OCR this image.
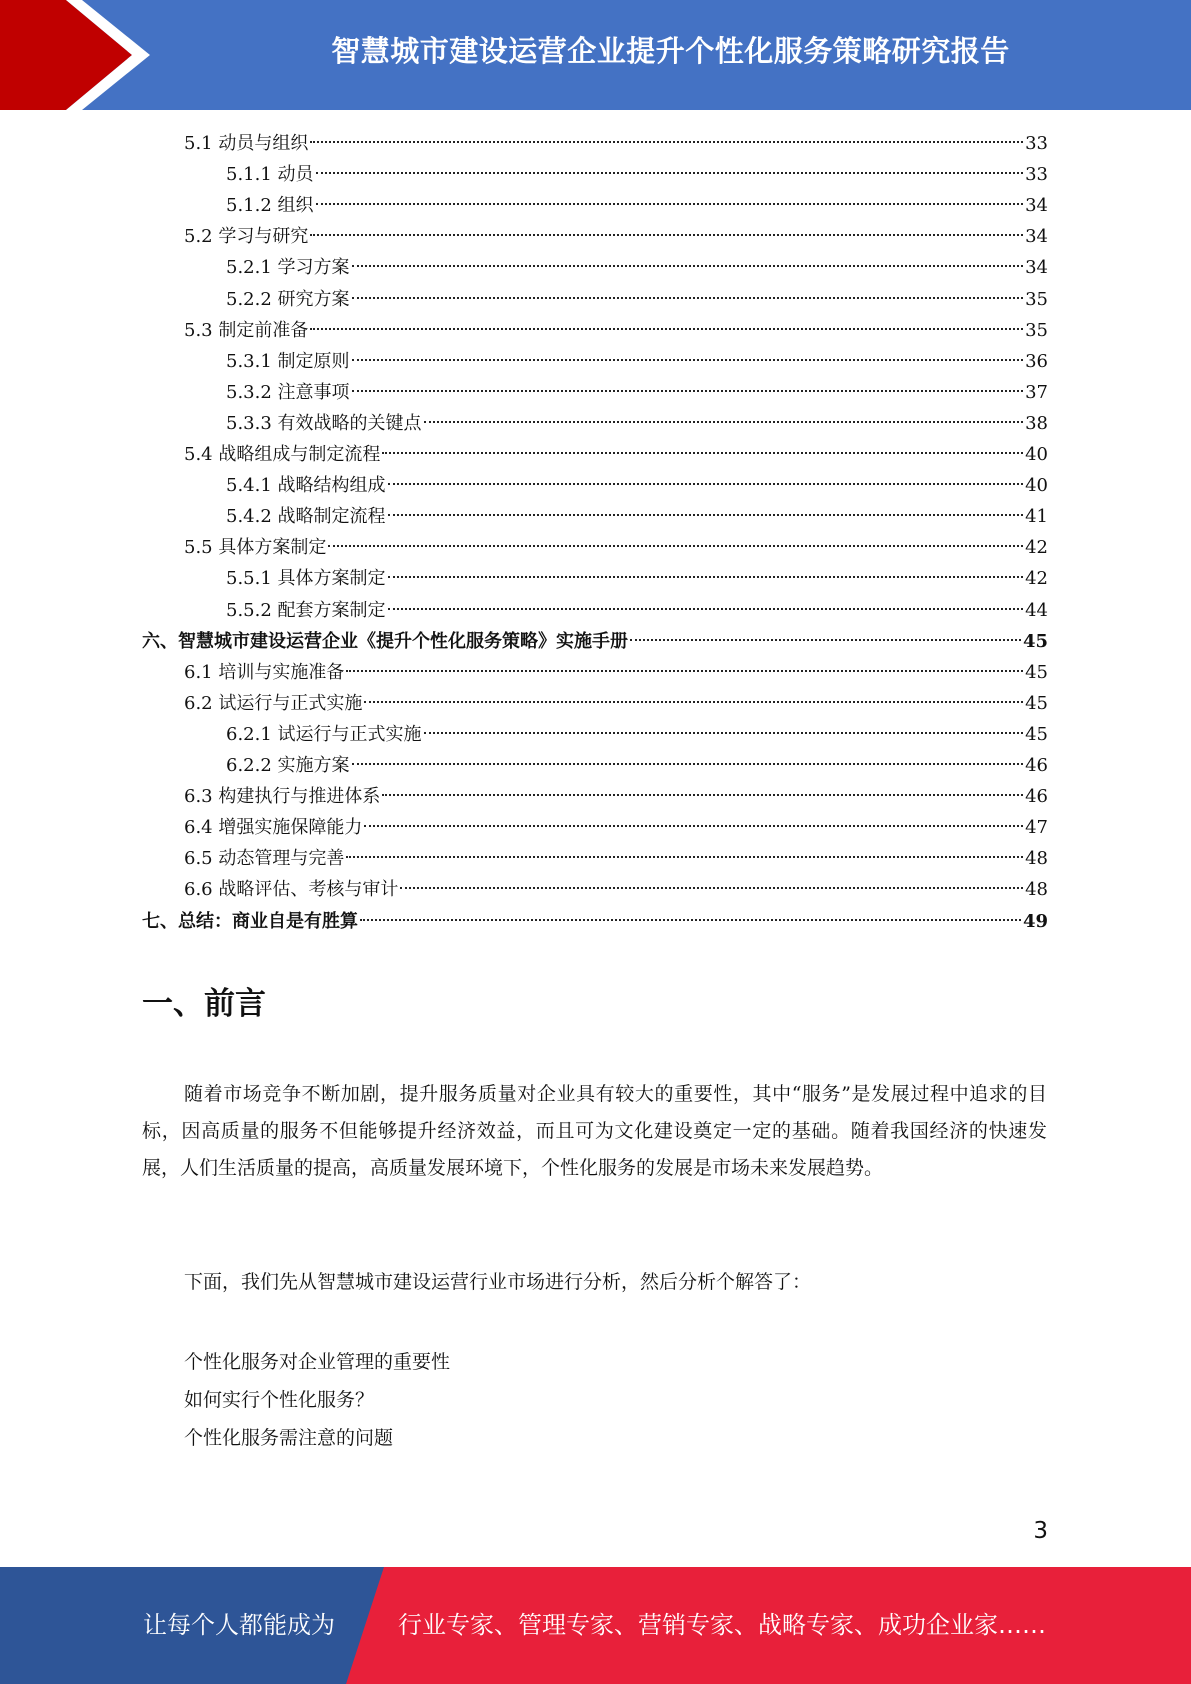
智慧城市建设运营企业提升个性化服务策略研究报告
5.1 动员与组织	33
5.1.1 动员	33
5.1.2 组织	34
5.2 学习与研究	34
5.2.1 学习方案	34
5.2.2 研究方案	35
5.3 制定前准备	35
5.3.1 制定原则	36
5.3.2 注意事项	37
5.3.3 有效战略的关键点	38
5.4 战略组成与制定流程	40
5.4.1 战略结构组成	40
5.4.2 战略制定流程	41
5.5 具体方案制定	42
5.5.1 具体方案制定	42
5.5.2 配套方案制定	44
六、智慧城市建设运营企业《提升个性化服务策略》实施手册	45
6.1 培训与实施准备	45
6.2 试运行与正式实施	45
6.2.1 试运行与正式实施	45
6.2.2 实施方案	46
6.3 构建执行与推进体系	46
6.4 增强实施保障能力	47
6.5 动态管理与完善	48
6.6 战略评估、考核与审计	48
七、总结：商业自是有胜算	49
一、前言

随着市场竞争不断加剧，提升服务质量对企业具有较大的重要性，其中“服务”是发展过程中追求的目标，因高质量的服务不但能够提升经济效益，而且可为文化建设奠定一定的基础。随着我国经济的快速发展，人们生活质量的提高，高质量发展环境下，个性化服务的发展是市场未来发展趋势。

下面，我们先从智慧城市建设运营行业市场进行分析，然后分析个解答了：

个性化服务对企业管理的重要性
如何实行个性化服务？
个性化服务需注意的问题
3
让每个人都能成为	行业专家、管理专家、营销专家、战略专家、成功企业家……
